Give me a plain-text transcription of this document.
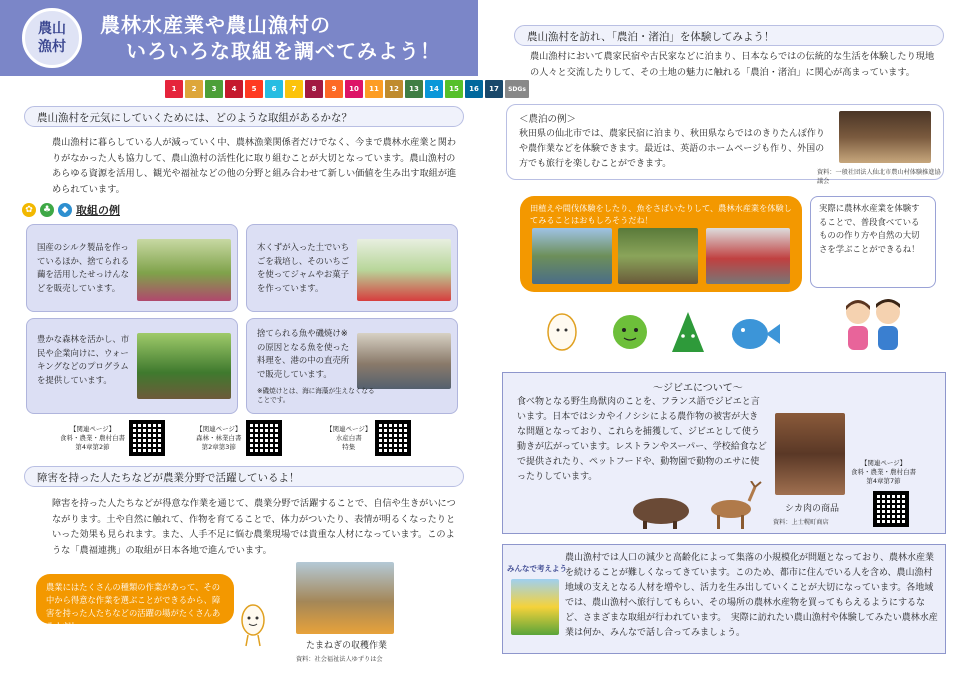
農山
漁村
農林水産業や農山漁村の
いろいろな取組を調べてみよう！
1	2	3	4	5	6	7	8	9	10	11	12	13	14	15	16	17	SDGs
農山漁村を元気にしていくためには、どのような取組があるかな？
農山漁村に暮らしている人が減っていく中、農林漁業関係者だけでなく、今まで農林水産業と関わりがなかった人も協力して、農山漁村の活性化に取り組むことが大切となっています。農山漁村のあらゆる資源を活用し、観光や福祉などの他の分野と組み合わせて新しい価値を生み出す取組が進められています。
✿	♣	◆ 取組の例
国産のシルク製品を作っているほか、捨てられる繭を活用したせっけんなどを販売しています。
木くずが入った土でいちごを栽培し、そのいちごを使ってジャムやお菓子を作っています。
豊かな森林を活かし、市民や企業向けに、ウォーキングなどのプログラムを提供しています。
捨てられる魚や磯焼け※の原因となる魚を使った料理を、港の中の直売所で販売しています。
※磯焼けとは、海に海藻が生えなくなることです。
【関連ページ】
食料・農業・農村白書
第4章第2節
【関連ページ】
森林・林業白書
第2章第3節
【関連ページ】
水産白書
特集
障害を持った人たちなどが農業分野で活躍しているよ！
障害を持った人たちなどが得意な作業を通じて、農業分野で活躍することで、自信や生きがいにつながります。土や自然に触れて、作物を育てることで、体力がついたり、表情が明るくなったりといった効果も見られます。また、人手不足に悩む農業現場では貴重な人材になっています。このような「農福連携」の取組が日本各地で進んでいます。
農業にはたくさんの種類の作業があって、その中から得意な作業を選ぶことができるから、障害を持った人たちなどの活躍の場がたくさんあるんだ！
たまねぎの収穫作業
資料：社会福祉法人ゆずりは会
農山漁村を訪れ、「農泊・渚泊」を体験してみよう！
農山漁村において農家民宿や古民家などに泊まり、日本ならではの伝統的な生活を体験したり現地の人々と交流したりして、その土地の魅力に触れる「農泊・渚泊」に関心が高まっています。
＜農泊の例＞
秋田県の仙北市では、農家民宿に泊まり、秋田県ならではのきりたんぽ作りや農作業などを体験できます。最近は、英語のホームページも作り、外国の方でも旅行を楽しむことができます。
資料：一般社団法人仙北市農山村体験推進協議会
田植えや間伐体験をしたり、魚をさばいたりして、農林水産業を体験してみることはおもしろそうだね！
実際に農林水産業を体験することで、普段食べているものの作り方や自然の大切さを学ぶことができるね！
～ジビエについて～
食べ物となる野生鳥獣肉のことを、フランス語でジビエと言います。日本ではシカやイノシシによる農作物の被害が大きな問題となっており、これらを捕獲して、ジビエとして使う動きが広がっています。レストランやスーパー、学校給食などで提供されたり、ペットフードや、動物園で動物のエサに使ったりしています。
シカ肉の商品
資料：上士幌町商店
【関連ページ】
食料・農業・農村白書
第4章第7節
みんなで考えよう
農山漁村では人口の減少と高齢化によって集落の小規模化が問題となっており、農林水産業を続けることが難しくなってきています。このため、都市に住んでいる人を含め、農山漁村地域の支えとなる人材を増やし、活力を生み出していくことが大切になっています。各地域では、農山漁村へ旅行してもらい、その場所の農林水産物を買ってもらえるようにするなど、さまざまな取組が行われています。　実際に訪れたい農山漁村や体験してみたい農林水産業は何か、みんなで話し合ってみましょう。
